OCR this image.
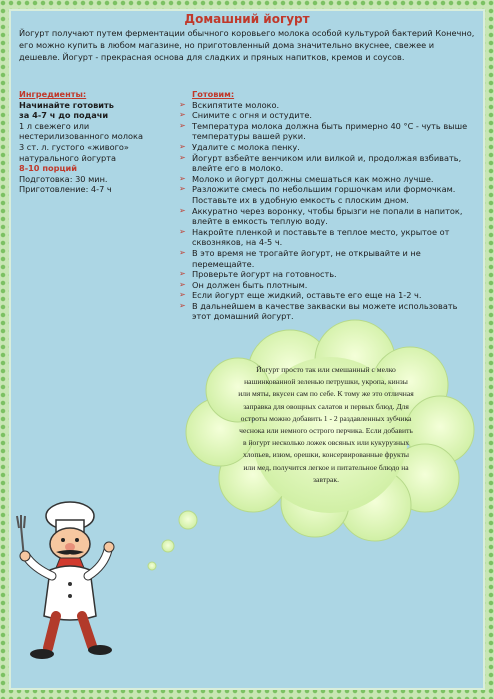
Домашний йогурт
Йогурт получают путем ферментации обычного коровьего молока особой культурой бактерий Конечно, его можно купить в любом магазине, но приготовленный дома значительно вкуснее, свежее и дешевле. Йогурт - прекрасная основа для сладких и пряных напитков, кремов и соусов.
Ингредиенты:
Начинайте готовить
за 4-7 ч до подачи
1 л свежего или
нестерилизованного молока
3 ст. л. густого «живого»
натурального йогурта
8-10 порций
Подготовка: 30 мин.
Приготовление: 4-7 ч
Готовим:
➢ Вскипятите молоко.
➢ Снимите с огня и остудите.
➢ Температура молока должна быть примерно 40 °С - чуть выше температуры вашей руки.
➢ Удалите с молока пенку.
➢ Йогурт взбейте венчиком или вилкой и, продолжая взбивать, влейте его в молоко.
➢ Молоко и йогурт должны смешаться как можно лучше.
➢ Разложите смесь по небольшим горшочкам или формочкам. Поставьте их в удобную емкость с плоским дном.
➢ Аккуратно через воронку, чтобы брызги не попали в напиток, влейте в емкость теплую воду.
➢ Накройте пленкой и поставьте в теплое место, укрытое от сквозняков, на 4-5 ч.
➢ В это время не трогайте йогурт, не открывайте и не перемещайте.
➢ Проверьте йогурт на готовность.
➢ Он должен быть плотным.
➢ Если йогурт еще жидкий, оставьте его еще на 1-2 ч.
➢ В дальнейшем в качестве закваски вы можете использовать этот домашний йогурт.
Йогурт просто так или смешанный с мелко нашинкованной зеленью петрушки, укропа, кинзы или мяты, вкусен сам по себе. К тому же это отличная заправка для овощных салатов и первых блюд. Для остроты можно добавить 1 - 2 раздавленных зубчика чеснока или немного острого перчика. Если добавить в йогурт несколько ложек овсяных или кукурузных хлопьев, изюм, орешки, консервированные фрукты или мед, получится легкое и питательное блюдо на завтрак.
